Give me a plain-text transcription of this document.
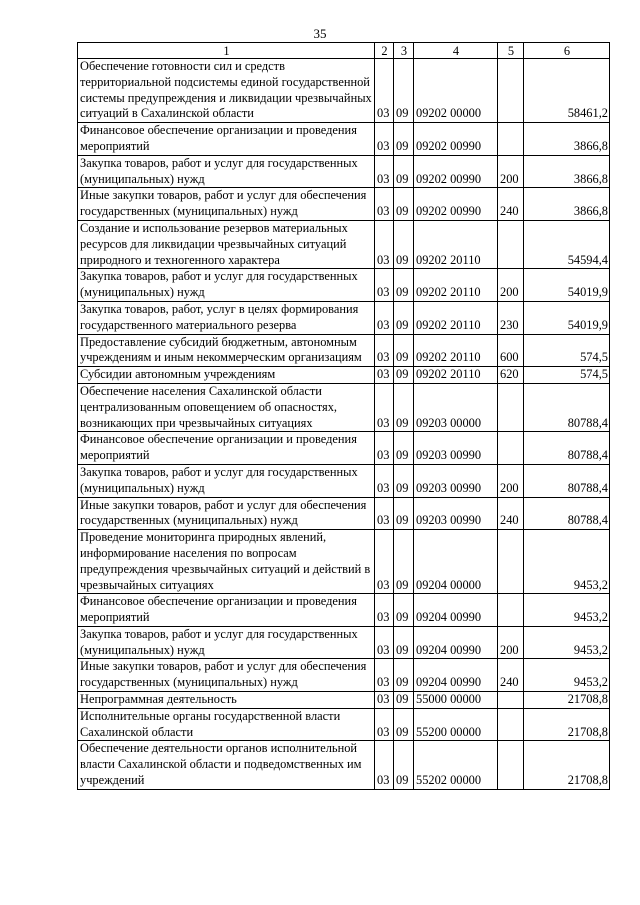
35
1	2	3	4	5	6
Обеспечение готовности сил и средств территориальной подсистемы единой государственной системы предупреждения и ликвидации чрезвычайных ситуаций в Сахалинской области	03	09	09202 00000		58461,2
Финансовое обеспечение организации и проведения мероприятий	03	09	09202 00990		3866,8
Закупка товаров, работ и услуг для государственных (муниципальных) нужд	03	09	09202 00990	200	3866,8
Иные закупки товаров, работ и услуг для обеспечения государственных (муниципальных) нужд	03	09	09202 00990	240	3866,8
Создание и использование резервов материальных ресурсов для ликвидации чрезвычайных ситуаций природного и техногенного характера	03	09	09202 20110		54594,4
Закупка товаров, работ и услуг для государственных (муниципальных) нужд	03	09	09202 20110	200	54019,9
Закупка товаров, работ, услуг в целях формирования государственного материального резерва	03	09	09202 20110	230	54019,9
Предоставление субсидий бюджетным, автономным учреждениям и иным некоммерческим организациям	03	09	09202 20110	600	574,5
Субсидии автономным учреждениям	03	09	09202 20110	620	574,5
Обеспечение населения Сахалинской области централизованным оповещением об опасностях, возникающих при чрезвычайных ситуациях	03	09	09203 00000		80788,4
Финансовое обеспечение организации и проведения мероприятий	03	09	09203 00990		80788,4
Закупка товаров, работ и услуг для государственных (муниципальных) нужд	03	09	09203 00990	200	80788,4
Иные закупки товаров, работ и услуг для обеспечения государственных (муниципальных) нужд	03	09	09203 00990	240	80788,4
Проведение мониторинга природных явлений, информирование населения по вопросам предупреждения чрезвычайных ситуаций и действий в чрезвычайных ситуациях	03	09	09204 00000		9453,2
Финансовое обеспечение организации и проведения мероприятий	03	09	09204 00990		9453,2
Закупка товаров, работ и услуг для государственных (муниципальных) нужд	03	09	09204 00990	200	9453,2
Иные закупки товаров, работ и услуг для обеспечения государственных (муниципальных) нужд	03	09	09204 00990	240	9453,2
Непрограммная деятельность	03	09	55000 00000		21708,8
Исполнительные органы государственной власти Сахалинской области	03	09	55200 00000		21708,8
Обеспечение деятельности органов исполнительной власти Сахалинской области и подведомственных им учреждений	03	09	55202 00000		21708,8
